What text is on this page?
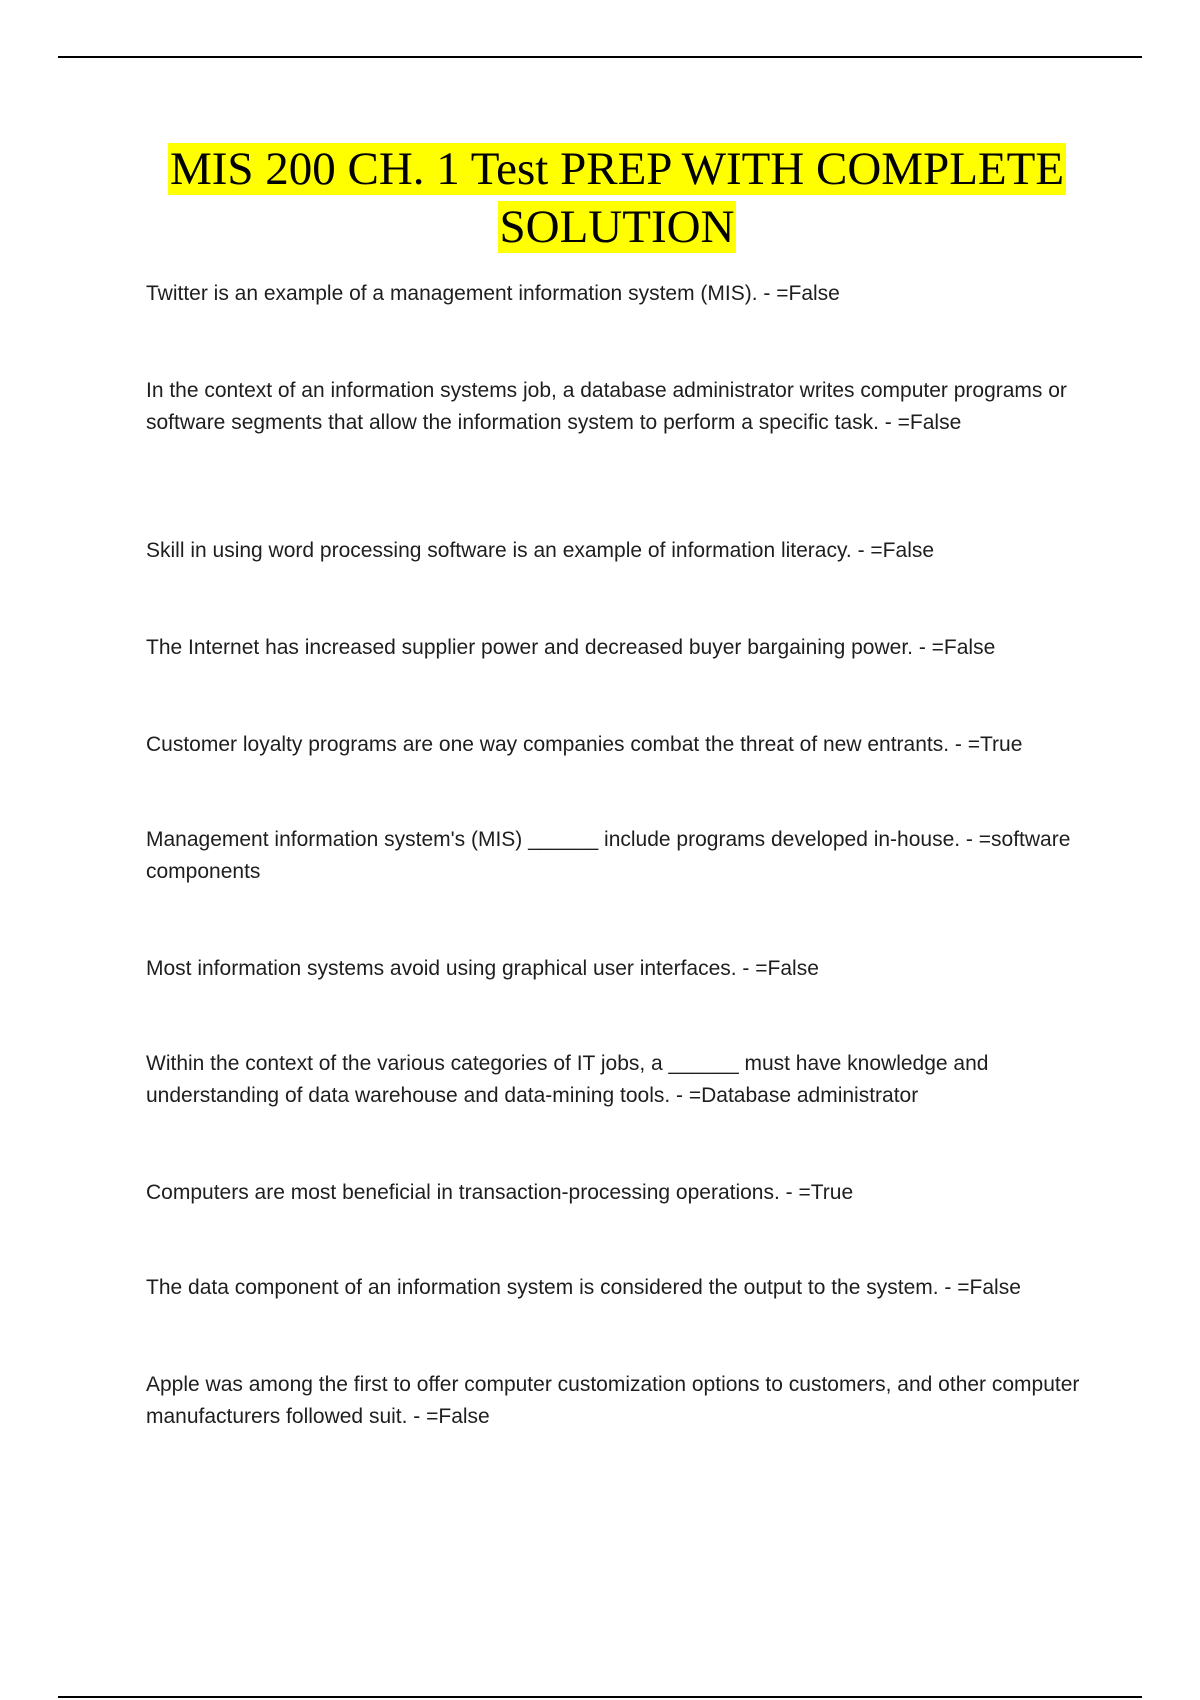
MIS 200 CH. 1 Test PREP WITH COMPLETE SOLUTION
Twitter is an example of a management information system (MIS). - =False
In the context of an information systems job, a database administrator writes computer programs or software segments that allow the information system to perform a specific task. - =False
Skill in using word processing software is an example of information literacy. - =False
The Internet has increased supplier power and decreased buyer bargaining power. - =False
Customer loyalty programs are one way companies combat the threat of new entrants. - =True
Management information system's (MIS) ______ include programs developed in-house. - =software components
Most information systems avoid using graphical user interfaces. - =False
Within the context of the various categories of IT jobs, a ______ must have knowledge and understanding of data warehouse and data-mining tools. - =Database administrator
Computers are most beneficial in transaction-processing operations. - =True
The data component of an information system is considered the output to the system. - =False
Apple was among the first to offer computer customization options to customers, and other computer manufacturers followed suit. - =False
